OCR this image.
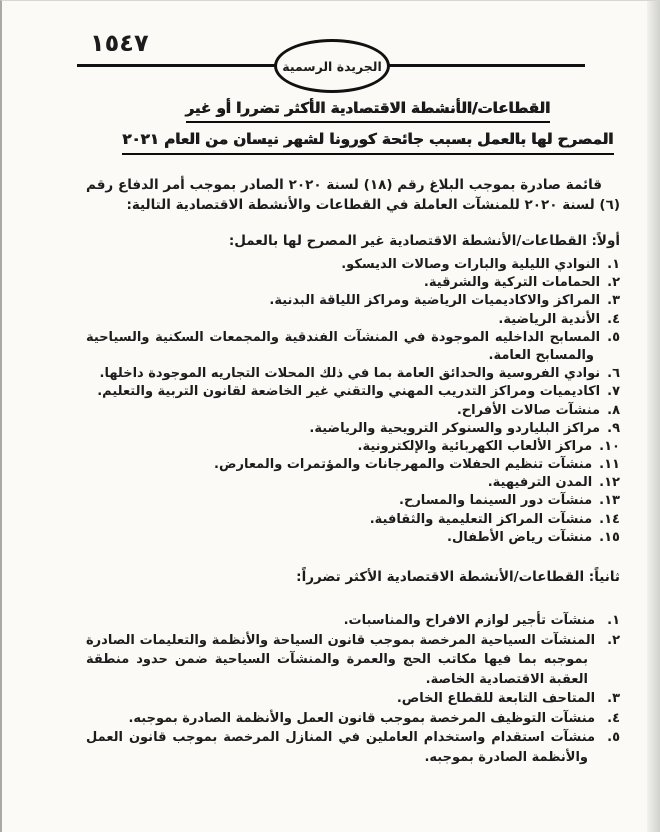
١٥٤٧
الجريدة الرسمية
القطاعات/الأنشطة الاقتصادية الأكثر تضررا أو غير
المصرح لها بالعمل بسبب جائحة كورونا لشهر نيسان من العام ٢٠٢١

قائمة صادرة بموجب البلاغ رقم (١٨) لسنة ٢٠٢٠ الصادر بموجب أمر الدفاع رقم (٦) لسنة ٢٠٢٠ للمنشآت العاملة في القطاعات والأنشطة الاقتصادية التالية:

أولاً: القطاعات/الأنشطة الاقتصادية غير المصرح لها بالعمل:
١.النوادي الليلية والبارات وصالات الديسكو.
٢.الحمامات التركية والشرقية.
٣.المراكز والاكاديميات الرياضية ومراكز اللياقة البدنية.
٤.الأندية الرياضية.
٥.المسابح الداخليه الموجودة في المنشآت الفندقية والمجمعات السكنية والسياحية والمسابح العامة.
٦.نوادي الفروسية والحدائق العامة بما في ذلك المحلات التجاريه الموجودة داخلها.
٧.اكاديميات ومراكز التدريب المهني والتقني غير الخاضعة لقانون التربية والتعليم.
٨.منشآت صالات الأفراح.
٩.مراكز البلياردو والسنوكر الترويحية والرياضية.
١٠.مراكز الألعاب الكهربائية والإلكترونية.
١١.منشآت تنظيم الحفلات والمهرجانات والمؤتمرات والمعارض.
١٢.المدن الترفيهية.
١٣.منشآت دور السينما والمسارح.
١٤.منشآت المراكز التعليمية والثقافية.
١٥.منشآت رياض الأطفال.
ثانياً: القطاعات/الأنشطة الاقتصادية الأكثر تضرراً:
١.منشآت تأجير لوازم الافراح والمناسبات.
٢.المنشآت السياحية المرخصة بموجب قانون السياحة والأنظمة والتعليمات الصادرة بموجبه بما فيها مكاتب الحج والعمرة والمنشآت السياحية ضمن حدود منطقة العقبة الاقتصادية الخاصة.
٣.المتاحف التابعة للقطاع الخاص.
٤.منشآت التوظيف المرخصة بموجب قانون العمل والأنظمة الصادرة بموجبه.
٥.منشآت استقدام واستخدام العاملين في المنازل المرخصة بموجب قانون العمل والأنظمة الصادرة بموجبه.
